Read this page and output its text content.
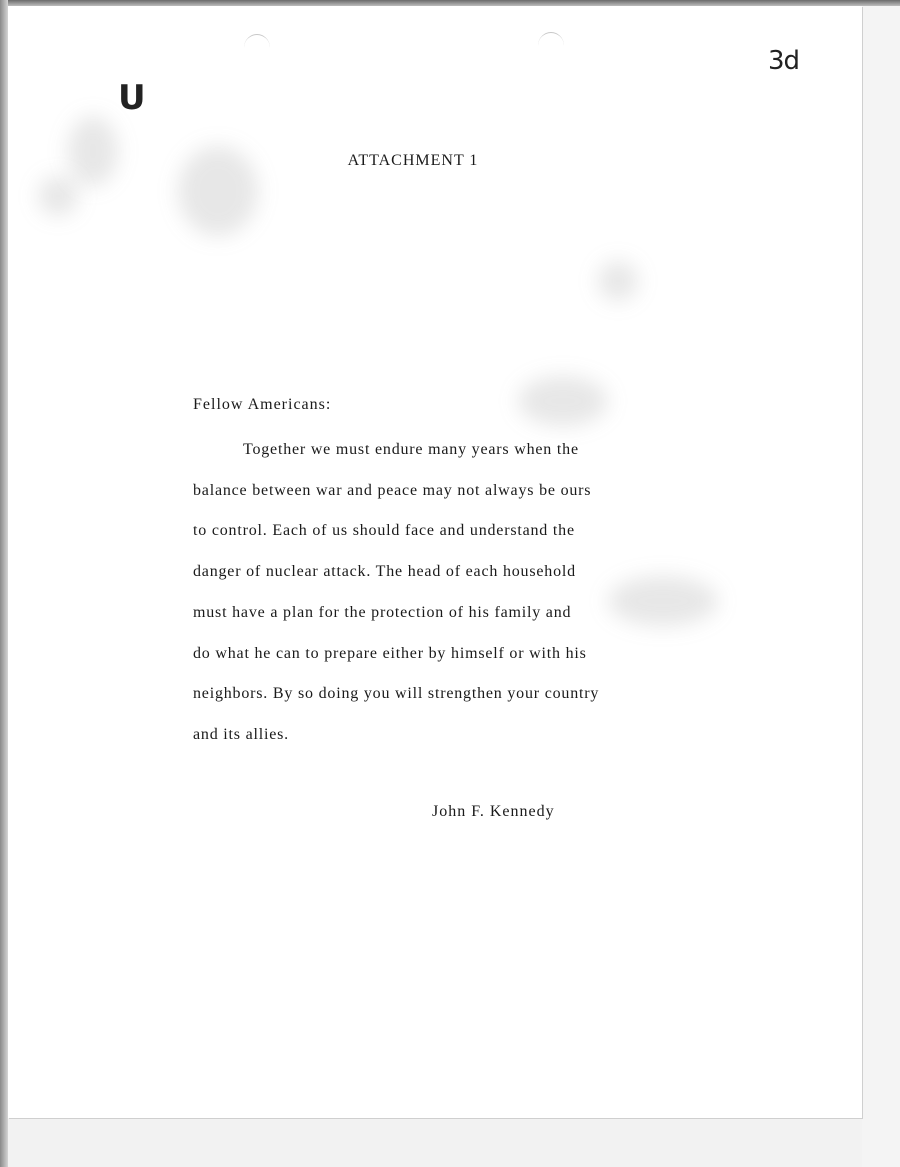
3d
U
ATTACHMENT 1
Fellow Americans:
Together we must endure many years when the
balance between war and peace may not always be ours
to control. Each of us should face and understand the
danger of nuclear attack. The head of each household
must have a plan for the protection of his family and
do what he can to prepare either by himself or with his
neighbors. By so doing you will strengthen your country
and its allies.
John F. Kennedy
